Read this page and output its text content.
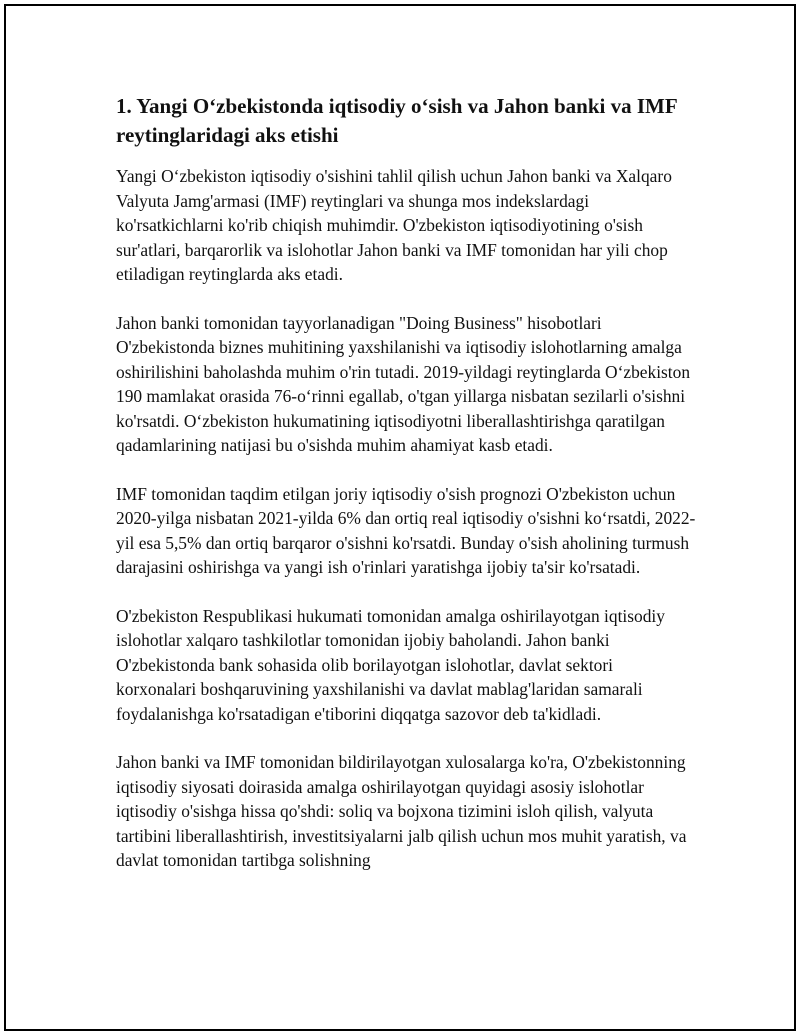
1. Yangi O‘zbekistonda iqtisodiy o‘sish va Jahon banki va IMF reytinglaridagi aks etishi

Yangi O‘zbekiston iqtisodiy o'sishini tahlil qilish uchun Jahon banki va Xalqaro Valyuta Jamg'armasi (IMF) reytinglari va shunga mos indekslardagi ko'rsatkichlarni ko'rib chiqish muhimdir. O'zbekiston iqtisodiyotining o'sish sur'atlari, barqarorlik va islohotlar Jahon banki va IMF tomonidan har yili chop etiladigan reytinglarda aks etadi.

Jahon banki tomonidan tayyorlanadigan "Doing Business" hisobotlari O'zbekistonda biznes muhitining yaxshilanishi va iqtisodiy islohotlarning amalga oshirilishini baholashda muhim o'rin tutadi. 2019-yildagi reytinglarda O‘zbekiston 190 mamlakat orasida 76-o‘rinni egallab, o'tgan yillarga nisbatan sezilarli o'sishni ko'rsatdi. O‘zbekiston hukumatining iqtisodiyotni liberallashtirishga qaratilgan qadamlarining natijasi bu o'sishda muhim ahamiyat kasb etadi.

IMF tomonidan taqdim etilgan joriy iqtisodiy o'sish prognozi O'zbekiston uchun 2020-yilga nisbatan 2021-yilda 6% dan ortiq real iqtisodiy o'sishni ko‘rsatdi, 2022-yil esa 5,5% dan ortiq barqaror o'sishni ko'rsatdi. Bunday o'sish aholining turmush darajasini oshirishga va yangi ish o'rinlari yaratishga ijobiy ta'sir ko'rsatadi.

O'zbekiston Respublikasi hukumati tomonidan amalga oshirilayotgan iqtisodiy islohotlar xalqaro tashkilotlar tomonidan ijobiy baholandi. Jahon banki O'zbekistonda bank sohasida olib borilayotgan islohotlar, davlat sektori korxonalari boshqaruvining yaxshilanishi va davlat mablag'laridan samarali foydalanishga ko'rsatadigan e'tiborini diqqatga sazovor deb ta'kidladi.

Jahon banki va IMF tomonidan bildirilayotgan xulosalarga ko'ra, O'zbekistonning iqtisodiy siyosati doirasida amalga oshirilayotgan quyidagi asosiy islohotlar iqtisodiy o'sishga hissa qo'shdi: soliq va bojxona tizimini isloh qilish, valyuta tartibini liberallashtirish, investitsiyalarni jalb qilish uchun mos muhit yaratish, va davlat tomonidan tartibga solishning
